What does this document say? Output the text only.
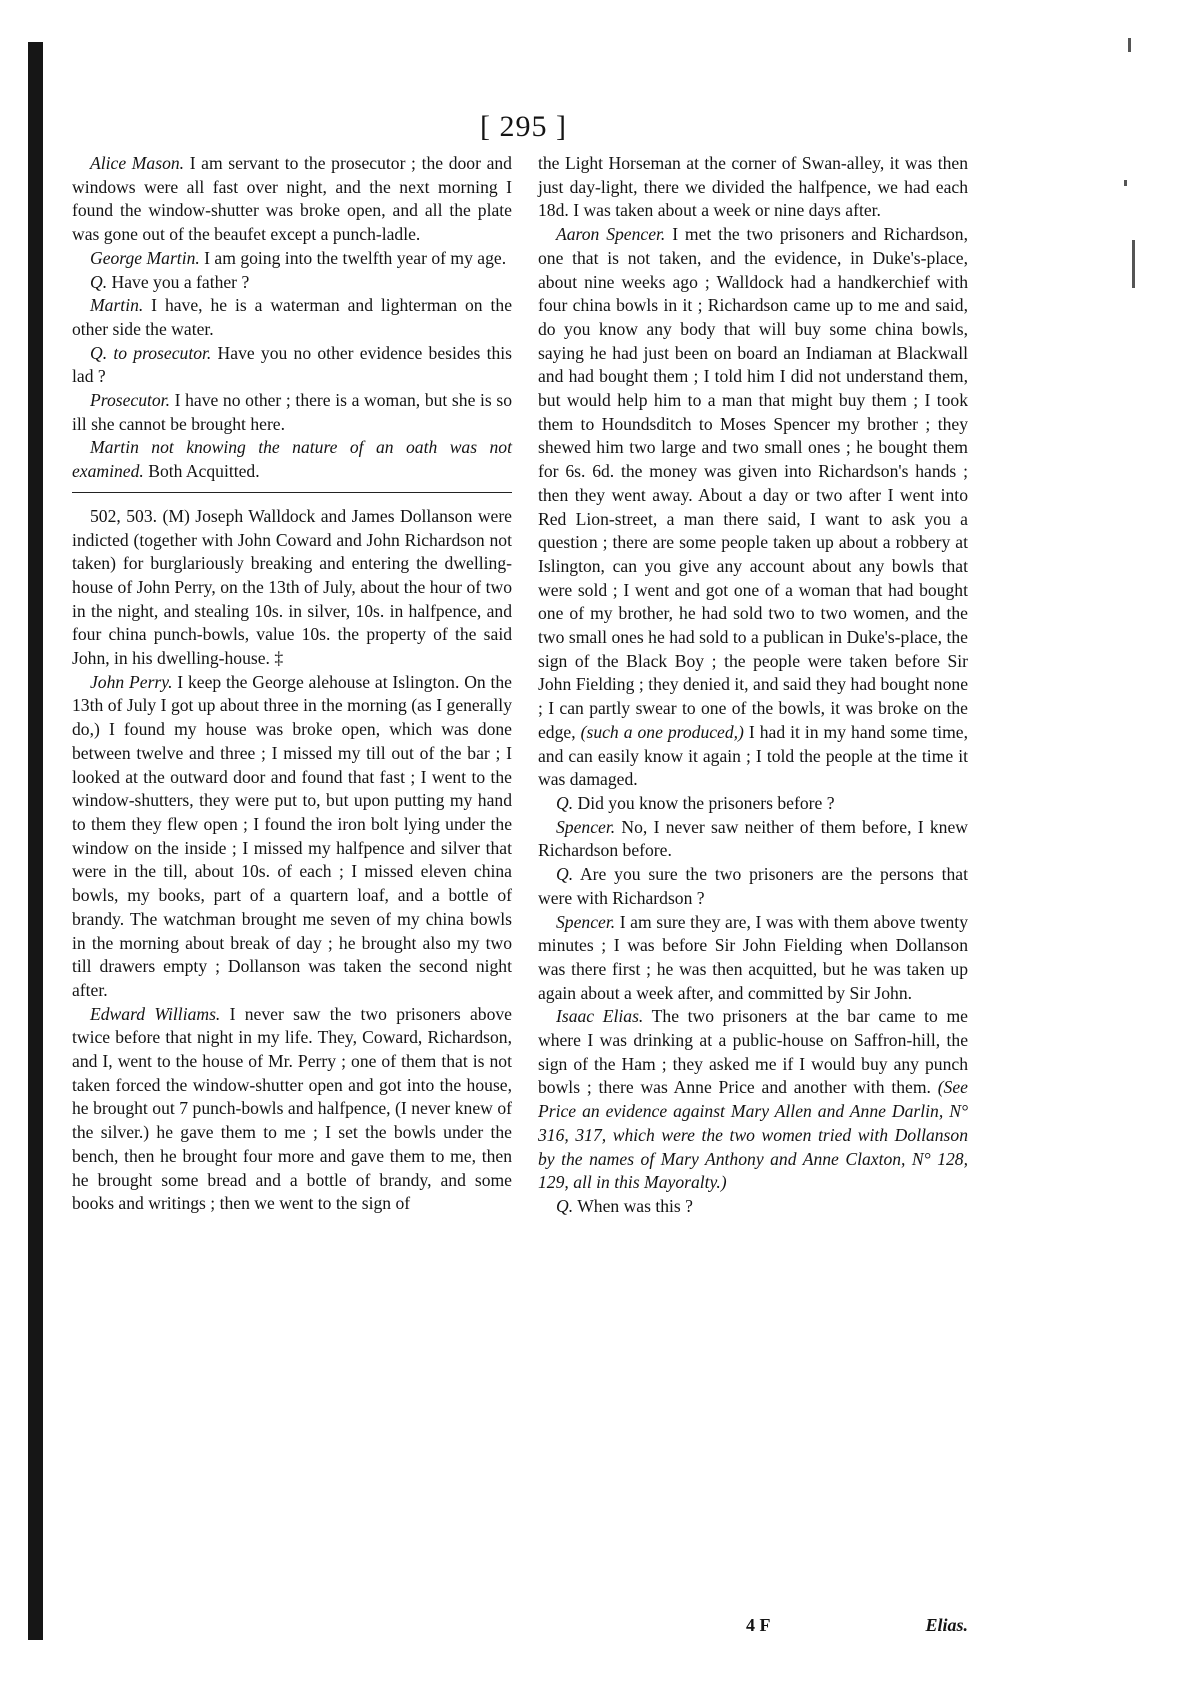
[ 295 ]

Alice Mason. I am servant to the prosecutor ; the door and windows were all fast over night, and the next morning I found the window-shutter was broke open, and all the plate was gone out of the beaufet except a punch-ladle.

George Martin. I am going into the twelfth year of my age.

Q. Have you a father ?

Martin. I have, he is a waterman and lighterman on the other side the water.

Q. to prosecutor. Have you no other evidence besides this lad ?

Prosecutor. I have no other ; there is a woman, but she is so ill she cannot be brought here.

Martin not knowing the nature of an oath was not examined. Both Acquitted.

502, 503. (M) Joseph Walldock and James Dollanson were indicted (together with John Coward and John Richardson not taken) for burglariously breaking and entering the dwelling-house of John Perry, on the 13th of July, about the hour of two in the night, and stealing 10s. in silver, 10s. in halfpence, and four china punch-bowls, value 10s. the property of the said John, in his dwelling-house. ‡

John Perry. I keep the George alehouse at Islington. On the 13th of July I got up about three in the morning (as I generally do,) I found my house was broke open, which was done between twelve and three ; I missed my till out of the bar ; I looked at the outward door and found that fast ; I went to the window-shutters, they were put to, but upon putting my hand to them they flew open ; I found the iron bolt lying under the window on the inside ; I missed my halfpence and silver that were in the till, about 10s. of each ; I missed eleven china bowls, my books, part of a quartern loaf, and a bottle of brandy. The watchman brought me seven of my china bowls in the morning about break of day ; he brought also my two till drawers empty ; Dollanson was taken the second night after.

Edward Williams. I never saw the two prisoners above twice before that night in my life. They, Coward, Richardson, and I, went to the house of Mr. Perry ; one of them that is not taken forced the window-shutter open and got into the house, he brought out 7 punch-bowls and halfpence, (I never knew of the silver.) he gave them to me ; I set the bowls under the bench, then he brought four more and gave them to me, then he brought some bread and a bottle of brandy, and some books and writings ; then we went to the sign of

the Light Horseman at the corner of Swan-alley, it was then just day-light, there we divided the halfpence, we had each 18d. I was taken about a week or nine days after.

Aaron Spencer. I met the two prisoners and Richardson, one that is not taken, and the evidence, in Duke's-place, about nine weeks ago ; Walldock had a handkerchief with four china bowls in it ; Richardson came up to me and said, do you know any body that will buy some china bowls, saying he had just been on board an Indiaman at Blackwall and had bought them ; I told him I did not understand them, but would help him to a man that might buy them ; I took them to Houndsditch to Moses Spencer my brother ; they shewed him two large and two small ones ; he bought them for 6s. 6d. the money was given into Richardson's hands ; then they went away. About a day or two after I went into Red Lion-street, a man there said, I want to ask you a question ; there are some people taken up about a robbery at Islington, can you give any account about any bowls that were sold ; I went and got one of a woman that had bought one of my brother, he had sold two to two women, and the two small ones he had sold to a publican in Duke's-place, the sign of the Black Boy ; the people were taken before Sir John Fielding ; they denied it, and said they had bought none ; I can partly swear to one of the bowls, it was broke on the edge, (such a one produced,) I had it in my hand some time, and can easily know it again ; I told the people at the time it was damaged.

Q. Did you know the prisoners before ?

Spencer. No, I never saw neither of them before, I knew Richardson before.

Q. Are you sure the two prisoners are the persons that were with Richardson ?

Spencer. I am sure they are, I was with them above twenty minutes ; I was before Sir John Fielding when Dollanson was there first ; he was then acquitted, but he was taken up again about a week after, and committed by Sir John.

Isaac Elias. The two prisoners at the bar came to me where I was drinking at a public-house on Saffron-hill, the sign of the Ham ; they asked me if I would buy any punch bowls ; there was Anne Price and another with them. (See Price an evidence against Mary Allen and Anne Darlin, N° 316, 317, which were the two women tried with Dollanson by the names of Mary Anthony and Anne Claxton, N° 128, 129, all in this Mayoralty.)

Q. When was this ?

4 F	Elias.
